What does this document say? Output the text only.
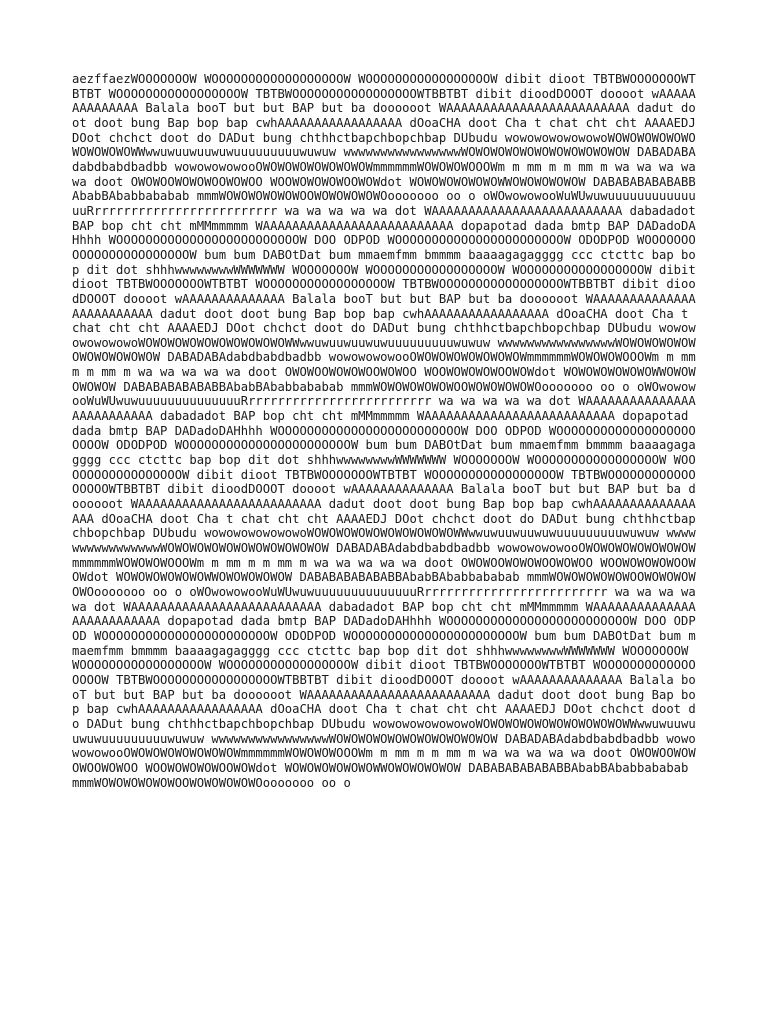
aezffaezWOOOOOOOW WOOOOOOOOOOOOOOOOOOW WOOOOOOOOOOOOOOOOOW dibit dioot TBTBWOOOOOOOWTBTBT WOOOOOOOOOOOOOOOOOW TBTBWOOOOOOOOOOOOOOOOOWTBBTBT dibit dioodDOOOT doooot wAAAAAAAAAAAAAA Balala booT but but BAP but ba doooooot WAAAAAAAAAAAAAAAAAAAAAAAAA dadut doot doot bung Bap bop bap cwhAAAAAAAAAAAAAAAAA dOoaCHA doot Cha t chat cht cht AAAAEDJ DOot chchct doot do DADut bung chthhctbapchbopchbap DUbudu wowowowowowowoWOWOWOWOWOWOWOWOWOWOWWwwuwuuwuuwuwuuuuuuuuuwuwuw wwwwwwwwwwwwwwwwWOWOWOWOWOWOWOWOWOWOWOW DABADABAdabdbabdbadbb wowowowowooOWOWOWOWOWOWOWOWmmmmmmWOWOWOWOOOWm m mm m m mm m wa wa wa wa wa doot OWOWOOWOWOWOOWOWOO WOOWOWOWOWOOWOWdot WOWOWOWOWOWOWWOWOWOWOWOW DABABABABABABBAbabBAbabbababab mmmWOWOWOWOWOWOOWOWOWOWOWOooooooo oo o oWOwowowooWuWUwuwuuuuuuuuuuuuuuRrrrrrrrrrrrrrrrrrrrrrrrrr wa wa wa wa wa dot WAAAAAAAAAAAAAAAAAAAAAAAAAA dabadadot BAP bop cht cht mMMmmmmm WAAAAAAAAAAAAAAAAAAAAAAAAAA dopapotad dada bmtp BAP DADadoDAHhhh WOOOOOOOOOOOOOOOOOOOOOOOOOW DOO ODPOD WOOOOOOOOOOOOOOOOOOOOOOOW ODODPOD WOOOOOOOOOOOOOOOOOOOOOOOW bum bum DABOtDat bum mmaemfmm bmmmm baaaagagagggg ccc ctcttc bap bop dit dot shhhwwwwwwwwWWWWWWW WOOOOOOOW WOOOOOOOOOOOOOOOOOW WOOOOOOOOOOOOOOOOOW dibit dioot TBTBWOOOOOOOWTBTBT WOOOOOOOOOOOOOOOOOW TBTBWOOOOOOOOOOOOOOOOOWTBBTBT dibit dioodDOOOT doooot wAAAAAAAAAAAAAA Balala booT but but BAP but ba doooooot WAAAAAAAAAAAAAAAAAAAAAAAAA dadut doot doot bung Bap bop bap cwhAAAAAAAAAAAAAAAAA dOoaCHA doot Cha t chat cht cht AAAAEDJ DOot chchct doot do DADut bung chthhctbapchbopchbap DUbudu wowowowowowowoWOWOWOWOWOWOWOWOWOWOWWwwuwuuwuuwuwuuuuuuuuuwuwuw wwwwwwwwwwwwwwwwWOWOWOWOWOWOWOWOWOWOWOW DABADABAdabdbabdbadbb wowowowowooOWOWOWOWOWOWOWOWmmmmmmWOWOWOWOOOWm m mm m m mm m wa wa wa wa wa doot OWOWOOWOWOWOOWOWOO WOOWOWOWOWOOWOWdot WOWOWOWOWOWOWWOWOWOWOWOW DABABABABABABBAbabBAbabbababab mmmWOWOWOWOWOWOOWOWOWOWOWOooooooo oo o oWOwowowooWuWUwuwuuuuuuuuuuuuuuRrrrrrrrrrrrrrrrrrrrrrrrrr wa wa wa wa wa dot WAAAAAAAAAAAAAAAAAAAAAAAAAA dabadadot BAP bop cht cht mMMmmmmm WAAAAAAAAAAAAAAAAAAAAAAAAAA dopapotad dada bmtp BAP DADadoDAHhhh WOOOOOOOOOOOOOOOOOOOOOOOOOW DOO ODPOD WOOOOOOOOOOOOOOOOOOOOOOOW ODODPOD WOOOOOOOOOOOOOOOOOOOOOOOW bum bum DABOtDat bum mmaemfmm bmmmm baaaagagagggg ccc ctcttc bap bop dit dot shhhwwwwwwwwWWWWWWW WOOOOOOOW WOOOOOOOOOOOOOOOOOW WOOOOOOOOOOOOOOOOOW dibit dioot TBTBWOOOOOOOWTBTBT WOOOOOOOOOOOOOOOOOW TBTBWOOOOOOOOOOOOOOOOOWTBBTBT dibit dioodDOOOT doooot wAAAAAAAAAAAAAA Balala booT but but BAP but ba doooooot WAAAAAAAAAAAAAAAAAAAAAAAAA dadut doot doot bung Bap bop bap cwhAAAAAAAAAAAAAAAAA dOoaCHA doot Cha t chat cht cht AAAAEDJ DOot chchct doot do DADut bung chthhctbapchbopchbap DUbudu wowowowowowowoWOWOWOWOWOWOWOWOWOWOWWwwuwuuwuuwuwuuuuuuuuuwuwuw wwwwwwwwwwwwwwwwWOWOWOWOWOWOWOWOWOWOWOW DABADABAdabdbabdbadbb wowowowowooOWOWOWOWOWOWOWOWmmmmmmWOWOWOWOOOWm m mm m m mm m wa wa wa wa wa doot OWOWOOWOWOWOOWOWOO WOOWOWOWOWOOWOWdot WOWOWOWOWOWOWWOWOWOWOWOW DABABABABABABBAbabBAbabbababab mmmWOWOWOWOWOWOOWOWOWOWOWOooooooo oo o oWOwowowooWuWUwuwuuuuuuuuuuuuuuRrrrrrrrrrrrrrrrrrrrrrrrrr wa wa wa wa wa dot WAAAAAAAAAAAAAAAAAAAAAAAAAA dabadadot BAP bop cht cht mMMmmmmm WAAAAAAAAAAAAAAAAAAAAAAAAAA dopapotad dada bmtp BAP DADadoDAHhhh WOOOOOOOOOOOOOOOOOOOOOOOOOW DOO ODPOD WOOOOOOOOOOOOOOOOOOOOOOOW ODODPOD WOOOOOOOOOOOOOOOOOOOOOOOW bum bum DABOtDat bum mmaemfmm bmmmm baaaagagagggg ccc ctcttc bap bop dit dot shhhwwwwwwwwWWWWWWW WOOOOOOOW WOOOOOOOOOOOOOOOOOW WOOOOOOOOOOOOOOOOOW dibit dioot TBTBWOOOOOOOWTBTBT WOOOOOOOOOOOOOOOOOW TBTBWOOOOOOOOOOOOOOOOOWTBBTBT dibit dioodDOOOT doooot wAAAAAAAAAAAAAA Balala booT but but BAP but ba doooooot WAAAAAAAAAAAAAAAAAAAAAAAAA dadut doot doot bung Bap bop bap cwhAAAAAAAAAAAAAAAAA dOoaCHA doot Cha t chat cht cht AAAAEDJ DOot chchct doot do DADut bung chthhctbapchbopchbap DUbudu wowowowowowowoWOWOWOWOWOWOWOWOWOWOWWwwuwuuwuuwuwuuuuuuuuuwuwuw wwwwwwwwwwwwwwwwWOWOWOWOWOWOWOWOWOWOWOW DABADABAdabdbabdbadbb wowowowowooOWOWOWOWOWOWOWOWmmmmmmWOWOWOWOOOWm m mm m m mm m wa wa wa wa wa doot OWOWOOWOWOWOOWOWOO WOOWOWOWOWOOWOWdot WOWOWOWOWOWOWWOWOWOWOWOW DABABABABABABBAbabBAbabbababab mmmWOWOWOWOWOWOOWOWOWOWOWOooooooo oo o
